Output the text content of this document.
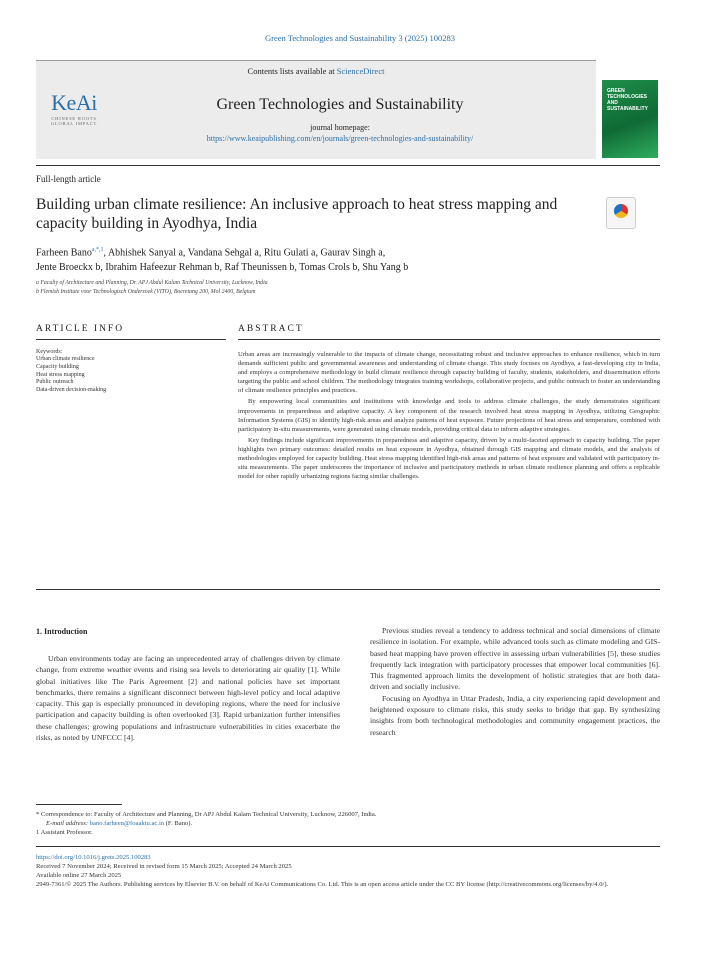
Green Technologies and Sustainability 3 (2025) 100283
Contents lists available at ScienceDirect
KeAi
CHINESE ROOTS GLOBAL IMPACT
Green Technologies and Sustainability
journal homepage:
https://www.keaipublishing.com/en/journals/green-technologies-and-sustainability/
GREEN TECHNOLOGIES AND SUSTAINABILITY
Full-length article
Building urban climate resilience: An inclusive approach to heat stress mapping and capacity building in Ayodhya, India
Farheen Bano$^{a,*,1}$, Abhishek Sanyal a, Vandana Sehgal a, Ritu Gulati a, Gaurav Singh a,
Jente Broeckx b, Ibrahim Hafeezur Rehman b, Raf Theunissen b, Tomas Crols b, Shu Yang b
a Faculty of Architecture and Planning, Dr. APJ Abdul Kalam Technical University, Lucknow, India
b Flemish Institute voor Technologisch Onderzoek (VITO), Boeretang 200, Mol 2400, Belgium
ARTICLE INFO	ABSTRACT
Keywords:
Urban climate resilience
Capacity building
Heat stress mapping
Public outreach
Data-driven decision-making

Urban areas are increasingly vulnerable to the impacts of climate change, necessitating robust and inclusive approaches to enhance resilience, which in turn demands sufficient public and governmental awareness and understanding of climate change. This study focuses on Ayodhya, a fast-developing city in India, and employs a comprehensive methodology to build climate resilience through capacity building of faculty, students, stakeholders, and dissemination efforts targeting the public and school children. The methodology integrates training workshops, collaborative projects, and public outreach to foster an understanding of climate resilience principles and practices.

By empowering local communities and institutions with knowledge and tools to address climate challenges, the study demonstrates significant improvements in preparedness and adaptive capacity. A key component of the research involved heat stress mapping in Ayodhya, utilizing Geographic Information Systems (GIS) to identify high-risk areas and analyze patterns of heat exposure. Future projections of heat stress and temperature, combined with participatory in-situ measurements, were generated using climate models, providing critical data to inform adaptive strategies.

Key findings include significant improvements in preparedness and adaptive capacity, driven by a multi-faceted approach to capacity building. The paper highlights two primary outcomes: detailed results on heat exposure in Ayodhya, obtained through GIS mapping and climate models, and the analysis of methodologies employed for capacity building. Heat stress mapping identified high-risk areas and patterns of heat exposure and validated with participatory in-situ measurements. The paper underscores the importance of inclusive and participatory methods in urban climate resilience planning and offers a replicable model for other rapidly urbanizing regions facing similar challenges.

1. Introduction

Urban environments today are facing an unprecedented array of challenges driven by climate change, from extreme weather events and rising sea levels to deteriorating air quality [1]. While global initiatives like The Paris Agreement [2] and national policies have set important benchmarks, there remains a significant disconnect between high-level policy and local adaptive capacity. This gap is especially pronounced in developing regions, where the need for inclusive participation and capacity building is often overlooked [3]. Rapid urbanization further intensifies these challenges; growing populations and infrastructure vulnerabilities in cities exacerbate the risks, as noted by UNFCCC [4].

Previous studies reveal a tendency to address technical and social dimensions of climate resilience in isolation. For example, while advanced tools such as climate modeling and GIS-based heat mapping have proven effective in assessing urban vulnerabilities [5], these studies frequently lack integration with participatory processes that empower local communities [6]. This fragmented approach limits the development of holistic strategies that are both data-driven and socially inclusive.

Focusing on Ayodhya in Uttar Pradesh, India, a city experiencing rapid development and heightened exposure to climate risks, this study seeks to bridge that gap. By synthesizing insights from both technological methodologies and community engagement practices, the research

* Correspondence to: Faculty of Architecture and Planning, Dr APJ Abdul Kalam Technical University, Lucknow, 226007, India.
E-mail address: bano.farheen@foaaktu.ac.in (F. Bano).
1 Assistant Professor.
https://doi.org/10.1016/j.grets.2025.100283
Received 7 November 2024; Received in revised form 15 March 2025; Accepted 24 March 2025
Available online 27 March 2025
2949-7361/© 2025 The Authors. Publishing services by Elsevier B.V. on behalf of KeAi Communications Co. Ltd. This is an open access article under the CC BY license (http://creativecommons.org/licenses/by/4.0/).
